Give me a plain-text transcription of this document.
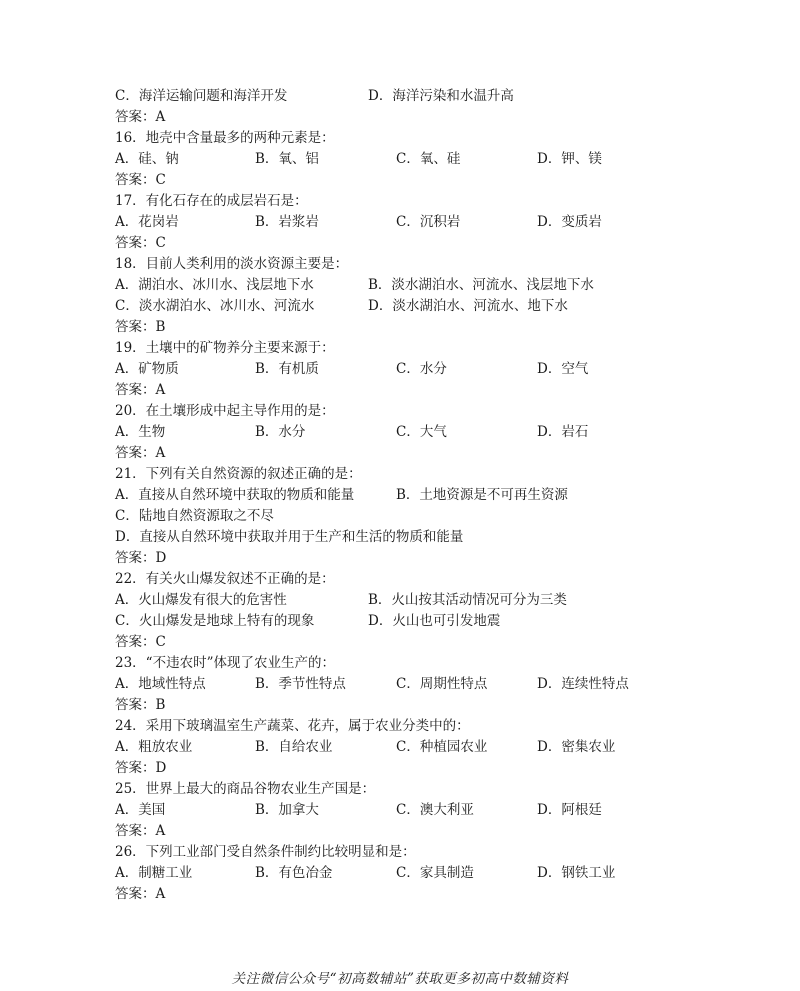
C．海洋运输问题和海洋开发	D．海洋污染和水温升高
答案：A
16．地壳中含量最多的两种元素是：
A．硅、钠	B．氧、铝	C．氧、硅	D．钾、镁
答案：C
17．有化石存在的成层岩石是：
A．花岗岩	B．岩浆岩	C．沉积岩	D．变质岩
答案：C
18．目前人类利用的淡水资源主要是：
A．湖泊水、冰川水、浅层地下水	B．淡水湖泊水、河流水、浅层地下水
C．淡水湖泊水、冰川水、河流水	D．淡水湖泊水、河流水、地下水
答案：B
19．土壤中的矿物养分主要来源于：
A．矿物质	B．有机质	C．水分	D．空气
答案：A
20．在土壤形成中起主导作用的是：
A．生物	B．水分	C．大气	D．岩石
答案：A
21．下列有关自然资源的叙述正确的是：
A．直接从自然环境中获取的物质和能量	B．土地资源是不可再生资源
C．陆地自然资源取之不尽
D．直接从自然环境中获取并用于生产和生活的物质和能量
答案：D
22．有关火山爆发叙述不正确的是：
A．火山爆发有很大的危害性	B．火山按其活动情况可分为三类
C．火山爆发是地球上特有的现象	D．火山也可引发地震
答案：C
23．“不违农时”体现了农业生产的：
A．地域性特点	B．季节性特点	C．周期性特点	D．连续性特点
答案：B
24．采用下玻璃温室生产蔬菜、花卉，属于农业分类中的：
A．粗放农业	B．自给农业	C．种植园农业	D．密集农业
答案：D
25．世界上最大的商品谷物农业生产国是：
A．美国	B．加拿大	C．澳大利亚	D．阿根廷
答案：A
26．下列工业部门受自然条件制约比较明显和是：
A．制糖工业	B．有色冶金	C．家具制造	D．钢铁工业
答案：A
关注微信公众号“初高数辅站”获取更多初高中数辅资料
